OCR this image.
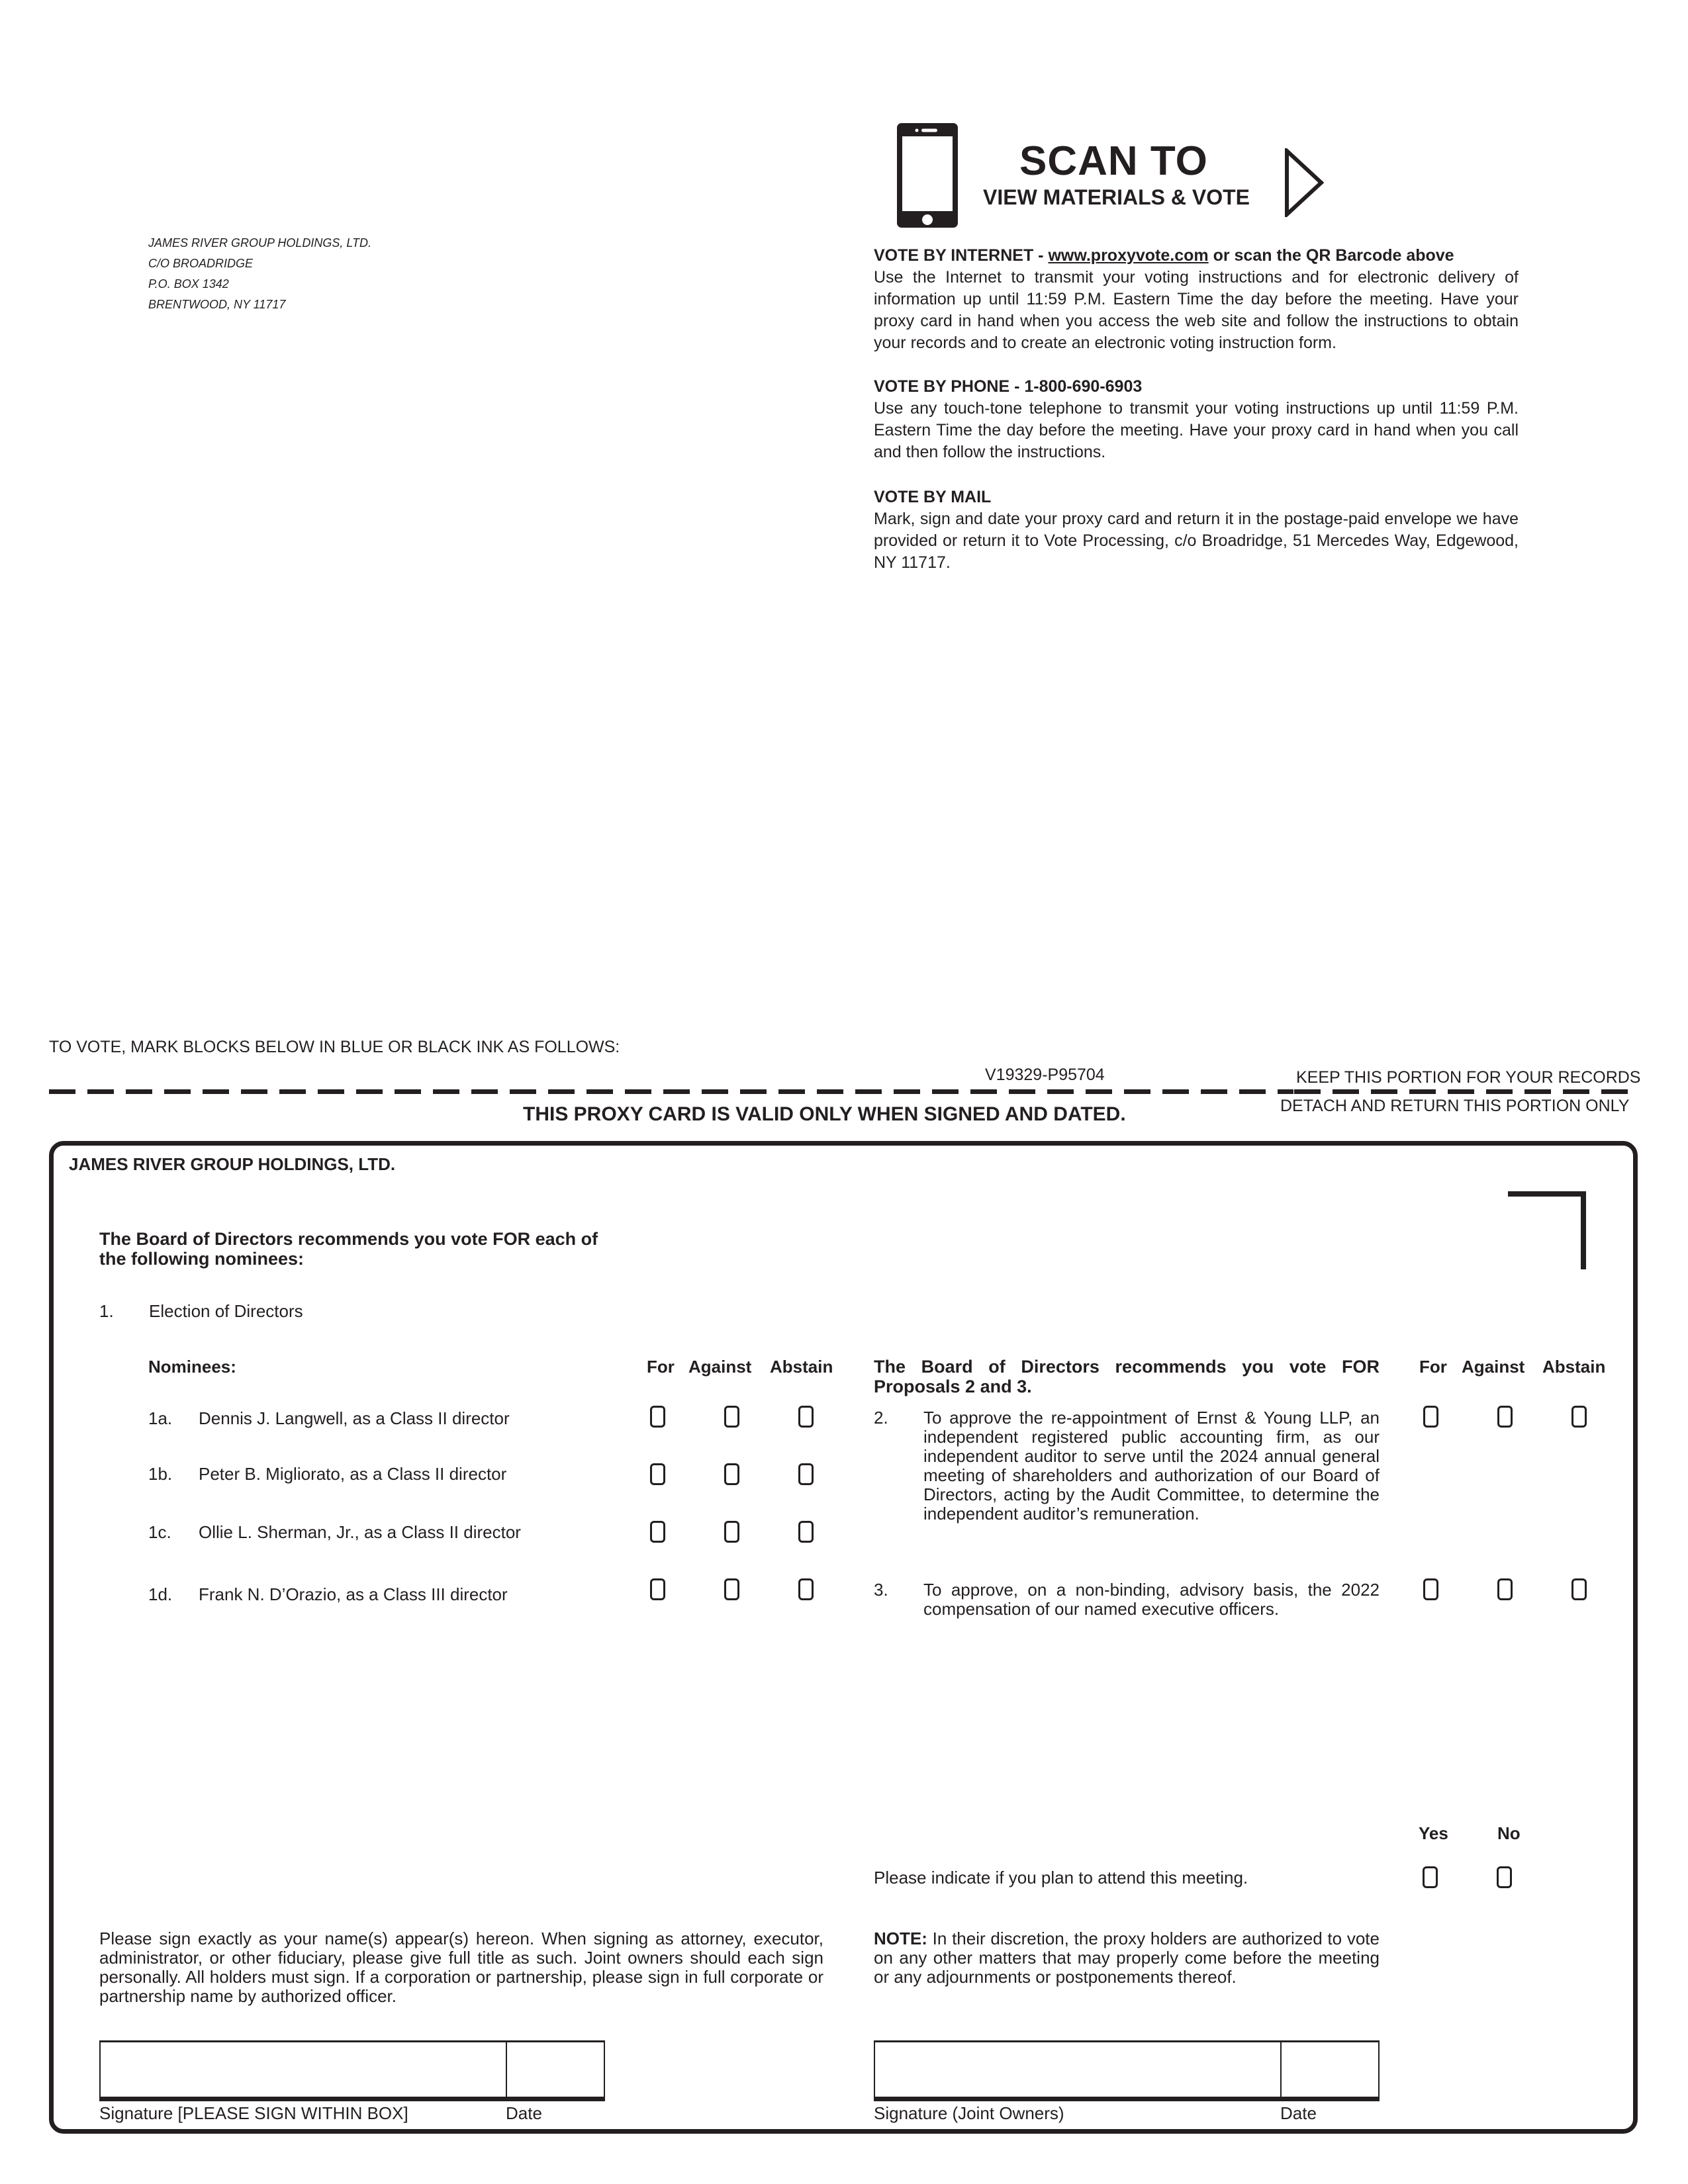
JAMES RIVER GROUP HOLDINGS, LTD.
C/O BROADRIDGE
P.O. BOX 1342
BRENTWOOD, NY 11717
SCAN TO
VIEW MATERIALS & VOTE
VOTE BY INTERNET - www.proxyvote.com or scan the QR Barcode above
Use the Internet to transmit your voting instructions and for electronic delivery of information up until 11:59 P.M. Eastern Time the day before the meeting. Have your proxy card in hand when you access the web site and follow the instructions to obtain your records and to create an electronic voting instruction form.
VOTE BY PHONE - 1-800-690-6903
Use any touch-tone telephone to transmit your voting instructions up until 11:59 P.M. Eastern Time the day before the meeting. Have your proxy card in hand when you call and then follow the instructions.
VOTE BY MAIL
Mark, sign and date your proxy card and return it in the postage-paid envelope we have provided or return it to Vote Processing, c/o Broadridge, 51 Mercedes Way, Edgewood, NY 11717.
TO VOTE, MARK BLOCKS BELOW IN BLUE OR BLACK INK AS FOLLOWS:
V19329-P95704	KEEP THIS PORTION FOR YOUR RECORDS
DETACH AND RETURN THIS PORTION ONLY
THIS PROXY CARD IS VALID ONLY WHEN SIGNED AND DATED.
JAMES RIVER GROUP HOLDINGS, LTD.
The Board of Directors recommends you vote FOR each of the following nominees:
1. Election of Directors
Nominees:	For Against Abstain
1a. Dennis J. Langwell, as a Class II director
1b. Peter B. Migliorato, as a Class II director
1c. Ollie L. Sherman, Jr., as a Class II director
1d. Frank N. D’Orazio, as a Class III director
The Board of Directors recommends you vote FOR Proposals 2 and 3.
For Against Abstain
2. To approve the re-appointment of Ernst & Young LLP, an independent registered public accounting firm, as our independent auditor to serve until the 2024 annual general meeting of shareholders and authorization of our Board of Directors, acting by the Audit Committee, to determine the independent auditor’s remuneration.
3. To approve, on a non-binding, advisory basis, the 2022 compensation of our named executive officers.
Yes	No
Please indicate if you plan to attend this meeting.
NOTE: In their discretion, the proxy holders are authorized to vote on any other matters that may properly come before the meeting or any adjournments or postponements thereof.
Please sign exactly as your name(s) appear(s) hereon. When signing as attorney, executor, administrator, or other fiduciary, please give full title as such. Joint owners should each sign personally. All holders must sign. If a corporation or partnership, please sign in full corporate or partnership name by authorized officer.
Signature [PLEASE SIGN WITHIN BOX]	Date	Signature (Joint Owners)	Date
